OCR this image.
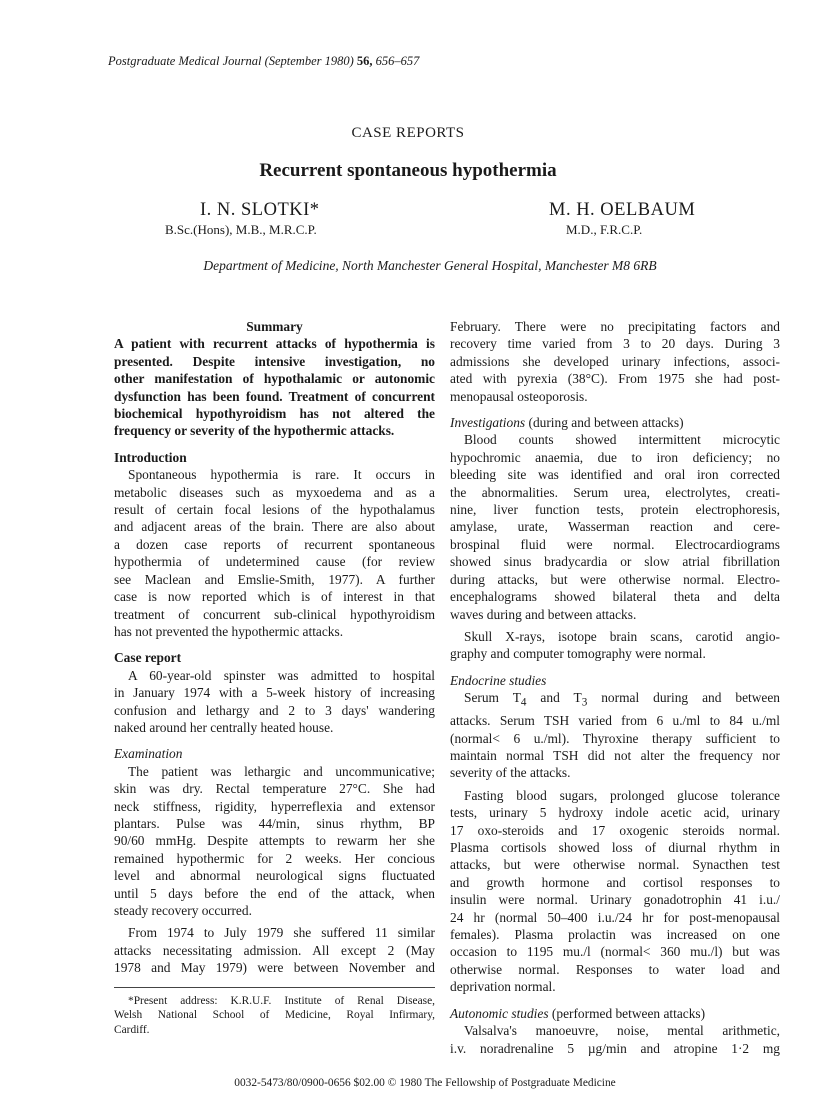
Postgraduate Medical Journal (September 1980) 56, 656–657
CASE REPORTS
Recurrent spontaneous hypothermia
I. N. SLOTKI*
B.Sc.(Hons), M.B., M.R.C.P.
M. H. OELBAUM
M.D., F.R.C.P.
Department of Medicine, North Manchester General Hospital, Manchester M8 6RB

Summary

A patient with recurrent attacks of hypothermia is

presented. Despite intensive investigation, no

other manifestation of hypothalamic or autonomic

dysfunction has been found. Treatment of concurrent

biochemical hypothyroidism has not altered the

frequency or severity of the hypothermic attacks.

Introduction

Spontaneous hypothermia is rare. It occurs in

metabolic diseases such as myxoedema and as a

result of certain focal lesions of the hypothalamus

and adjacent areas of the brain. There are also about

a dozen case reports of recurrent spontaneous

hypothermia of undetermined cause (for review

see Maclean and Emslie-Smith, 1977). A further

case is now reported which is of interest in that

treatment of concurrent sub-clinical hypothyroidism

has not prevented the hypothermic attacks.

Case report

A 60-year-old spinster was admitted to hospital

in January 1974 with a 5-week history of increasing

confusion and lethargy and 2 to 3 days' wandering

naked around her centrally heated house.

Examination

The patient was lethargic and uncommunicative;

skin was dry. Rectal temperature 27°C. She had

neck stiffness, rigidity, hyperreflexia and extensor

plantars. Pulse was 44/min, sinus rhythm, BP

90/60 mmHg. Despite attempts to rewarm her she

remained hypothermic for 2 weeks. Her concious

level and abnormal neurological signs fluctuated

until 5 days before the end of the attack, when

steady recovery occurred.

From 1974 to July 1979 she suffered 11 similar

attacks necessitating admission. All except 2 (May

1978 and May 1979) were between November and

*Present address: K.R.U.F. Institute of Renal Disease,

Welsh National School of Medicine, Royal Infirmary,

Cardiff.

February. There were no precipitating factors and

recovery time varied from 3 to 20 days. During 3

admissions she developed urinary infections, associ-

ated with pyrexia (38°C). From 1975 she had post-

menopausal osteoporosis.

Investigations (during and between attacks)

Blood counts showed intermittent microcytic

hypochromic anaemia, due to iron deficiency; no

bleeding site was identified and oral iron corrected

the abnormalities. Serum urea, electrolytes, creati-

nine, liver function tests, protein electrophoresis,

amylase, urate, Wasserman reaction and cere-

brospinal fluid were normal. Electrocardiograms

showed sinus bradycardia or slow atrial fibrillation

during attacks, but were otherwise normal. Electro-

encephalograms showed bilateral theta and delta

waves during and between attacks.

Skull X-rays, isotope brain scans, carotid angio-

graphy and computer tomography were normal.

Endocrine studies

Serum $T_4$ and $T_3$ normal during and between

attacks. Serum TSH varied from 6 u./ml to 84 u./ml

(normal< 6 u./ml). Thyroxine therapy sufficient to

maintain normal TSH did not alter the frequency nor

severity of the attacks.

Fasting blood sugars, prolonged glucose tolerance

tests, urinary 5 hydroxy indole acetic acid, urinary

17 oxo-steroids and 17 oxogenic steroids normal.

Plasma cortisols showed loss of diurnal rhythm in

attacks, but were otherwise normal. Synacthen test

and growth hormone and cortisol responses to

insulin were normal. Urinary gonadotrophin 41 i.u./

24 hr (normal 50–400 i.u./24 hr for post-menopausal

females). Plasma prolactin was increased on one

occasion to 1195 mu./l (normal< 360 mu./l) but was

otherwise normal. Responses to water load and

deprivation normal.

Autonomic studies (performed between attacks)

Valsalva's manoeuvre, noise, mental arithmetic,

i.v. noradrenaline 5 µg/min and atropine 1·2 mg

0032-5473/80/0900-0656 $02.00 © 1980 The Fellowship of Postgraduate Medicine
